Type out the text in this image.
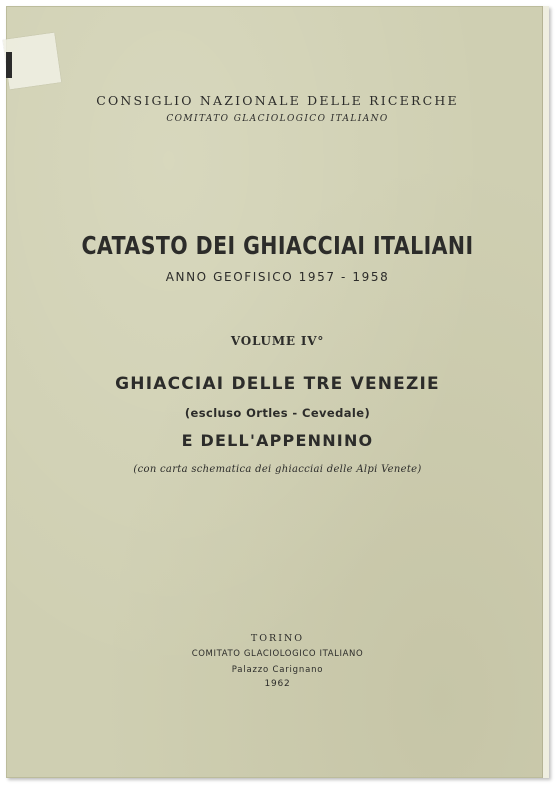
CONSIGLIO NAZIONALE DELLE RICERCHE
COMITATO GLACIOLOGICO ITALIANO
CATASTO DEI GHIACCIAI ITALIANI
ANNO GEOFISICO 1957 - 1958
VOLUME IV°
GHIACCIAI DELLE TRE VENEZIE
(escluso Ortles - Cevedale)
E DELL'APPENNINO
(con carta schematica dei ghiacciai delle Alpi Venete)
TORINO
COMITATO GLACIOLOGICO ITALIANO
Palazzo Carignano
1962
